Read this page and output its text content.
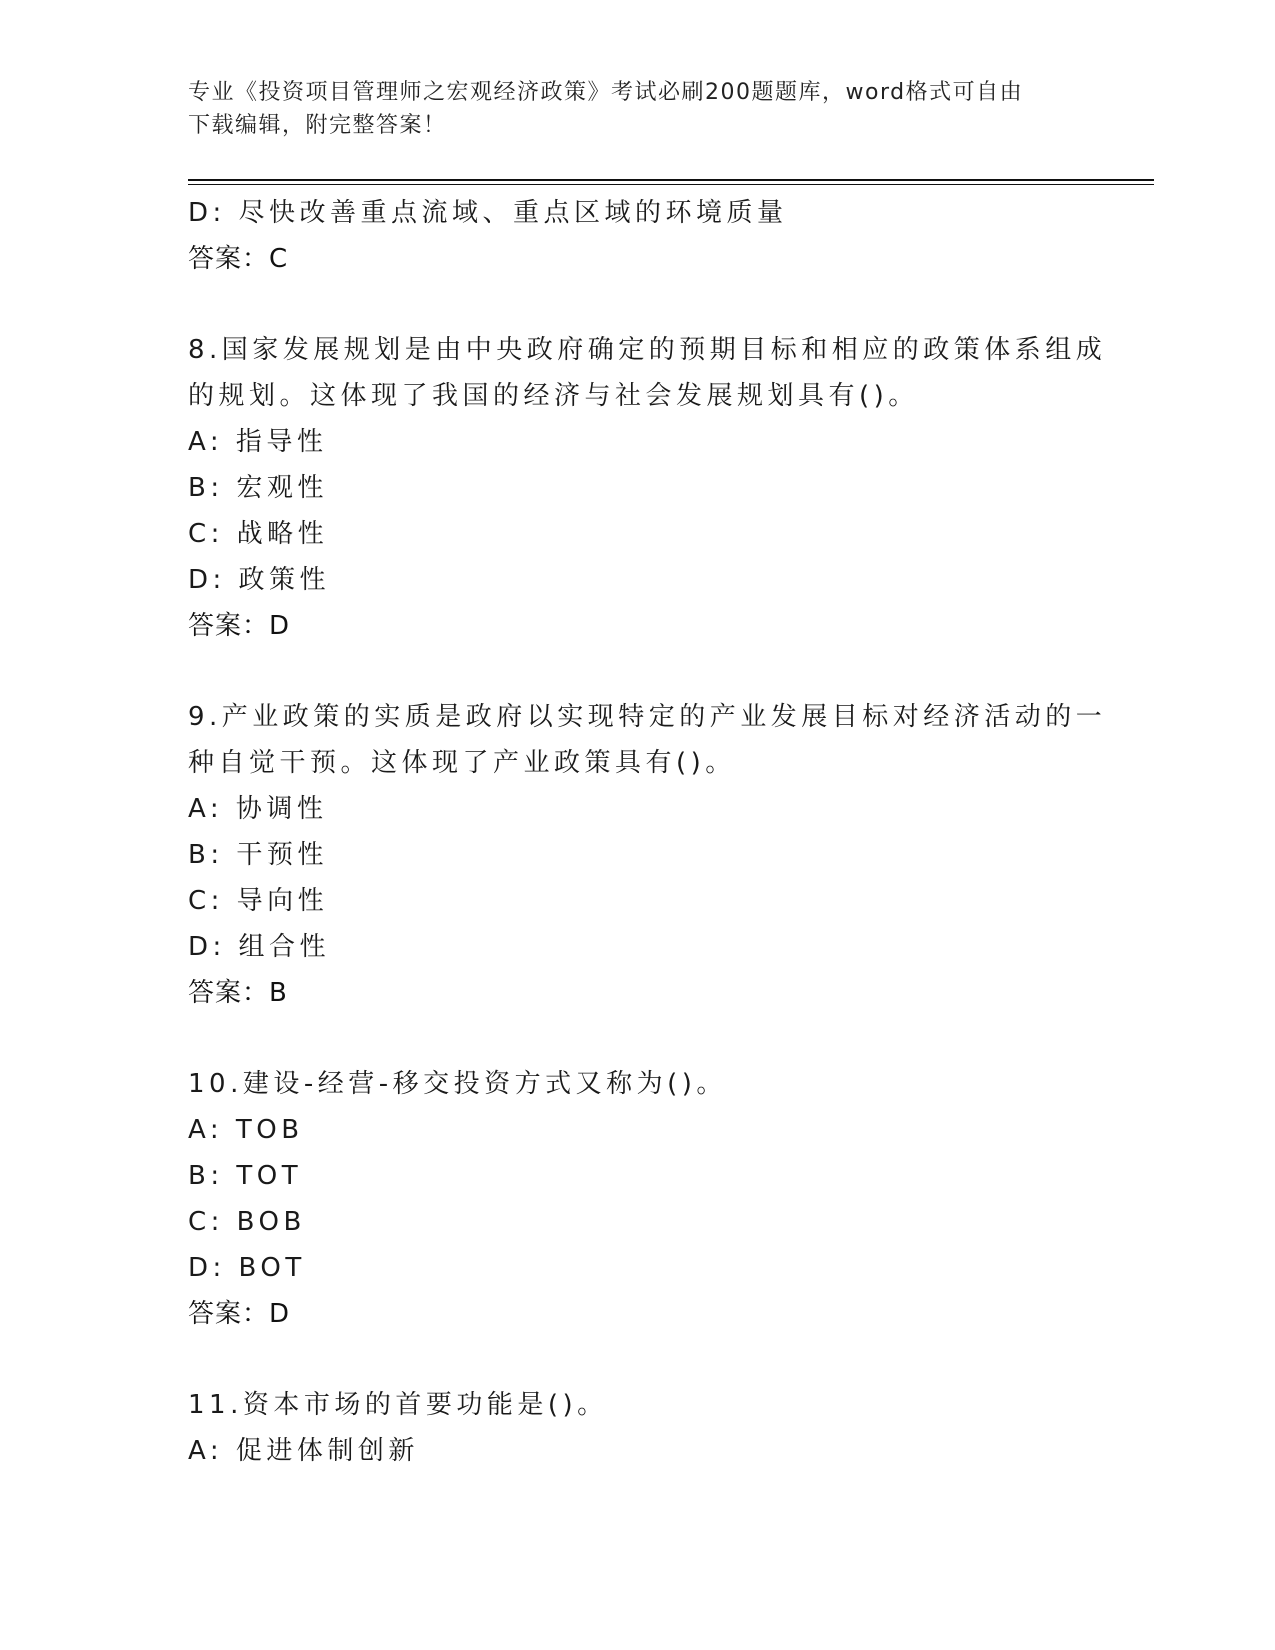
专业《投资项目管理师之宏观经济政策》考试必刷200题题库，word格式可自由
下载编辑，附完整答案！
D: 尽快改善重点流域、重点区域的环境质量
答案：C
8.国家发展规划是由中央政府确定的预期目标和相应的政策体系组成
的规划。这体现了我国的经济与社会发展规划具有()。
A: 指导性
B: 宏观性
C: 战略性
D: 政策性
答案：D
9.产业政策的实质是政府以实现特定的产业发展目标对经济活动的一
种自觉干预。这体现了产业政策具有()。
A: 协调性
B: 干预性
C: 导向性
D: 组合性
答案：B
10.建设-经营-移交投资方式又称为()。
A: TOB
B: TOT
C: BOB
D: BOT
答案：D
11.资本市场的首要功能是()。
A: 促进体制创新
